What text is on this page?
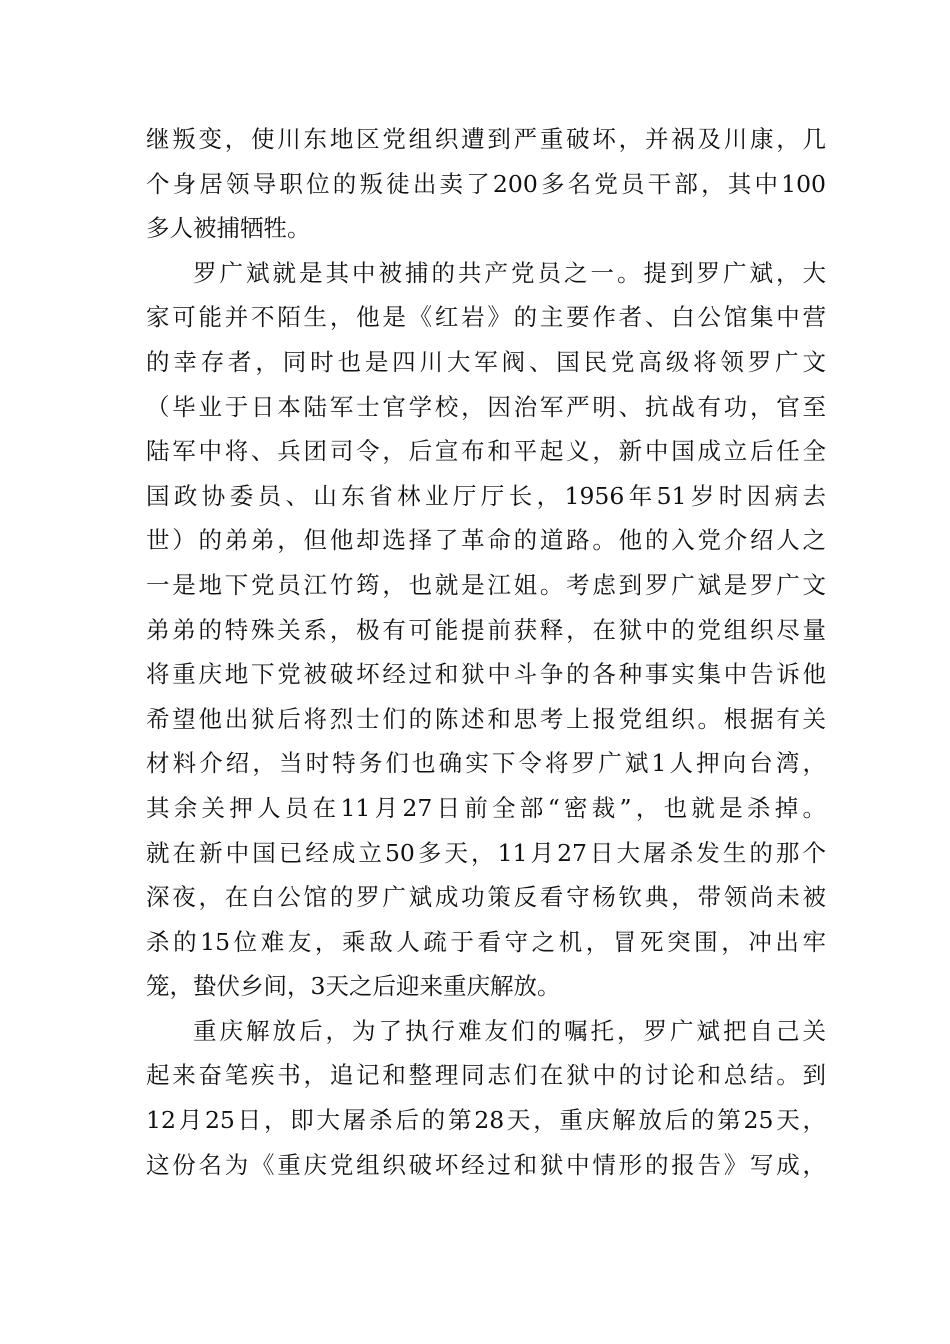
继叛变，使川东地区党组织遭到严重破坏，并祸及川康，几
个身居领导职位的叛徒出卖了200多名党员干部，其中100
多人被捕牺牲。
罗广斌就是其中被捕的共产党员之一。提到罗广斌，大
家可能并不陌生，他是《红岩》的主要作者、白公馆集中营
的幸存者，同时也是四川大军阀、国民党高级将领罗广文
（毕业于日本陆军士官学校，因治军严明、抗战有功，官至
陆军中将、兵团司令，后宣布和平起义，新中国成立后任全
国政协委员、山东省林业厅厅长，1956年51岁时因病去
世）的弟弟，但他却选择了革命的道路。他的入党介绍人之
一是地下党员江竹筠，也就是江姐。考虑到罗广斌是罗广文
弟弟的特殊关系，极有可能提前获释，在狱中的党组织尽量
将重庆地下党被破坏经过和狱中斗争的各种事实集中告诉他
希望他出狱后将烈士们的陈述和思考上报党组织。根据有关
材料介绍，当时特务们也确实下令将罗广斌1人押向台湾，
其余关押人员在11月27日前全部“密裁”，也就是杀掉。
就在新中国已经成立50多天，11月27日大屠杀发生的那个
深夜，在白公馆的罗广斌成功策反看守杨钦典，带领尚未被
杀的15位难友，乘敌人疏于看守之机，冒死突围，冲出牢
笼，蛰伏乡间，3天之后迎来重庆解放。
重庆解放后，为了执行难友们的嘱托，罗广斌把自己关
起来奋笔疾书，追记和整理同志们在狱中的讨论和总结。到
12月25日，即大屠杀后的第28天，重庆解放后的第25天，
这份名为《重庆党组织破坏经过和狱中情形的报告》写成，
